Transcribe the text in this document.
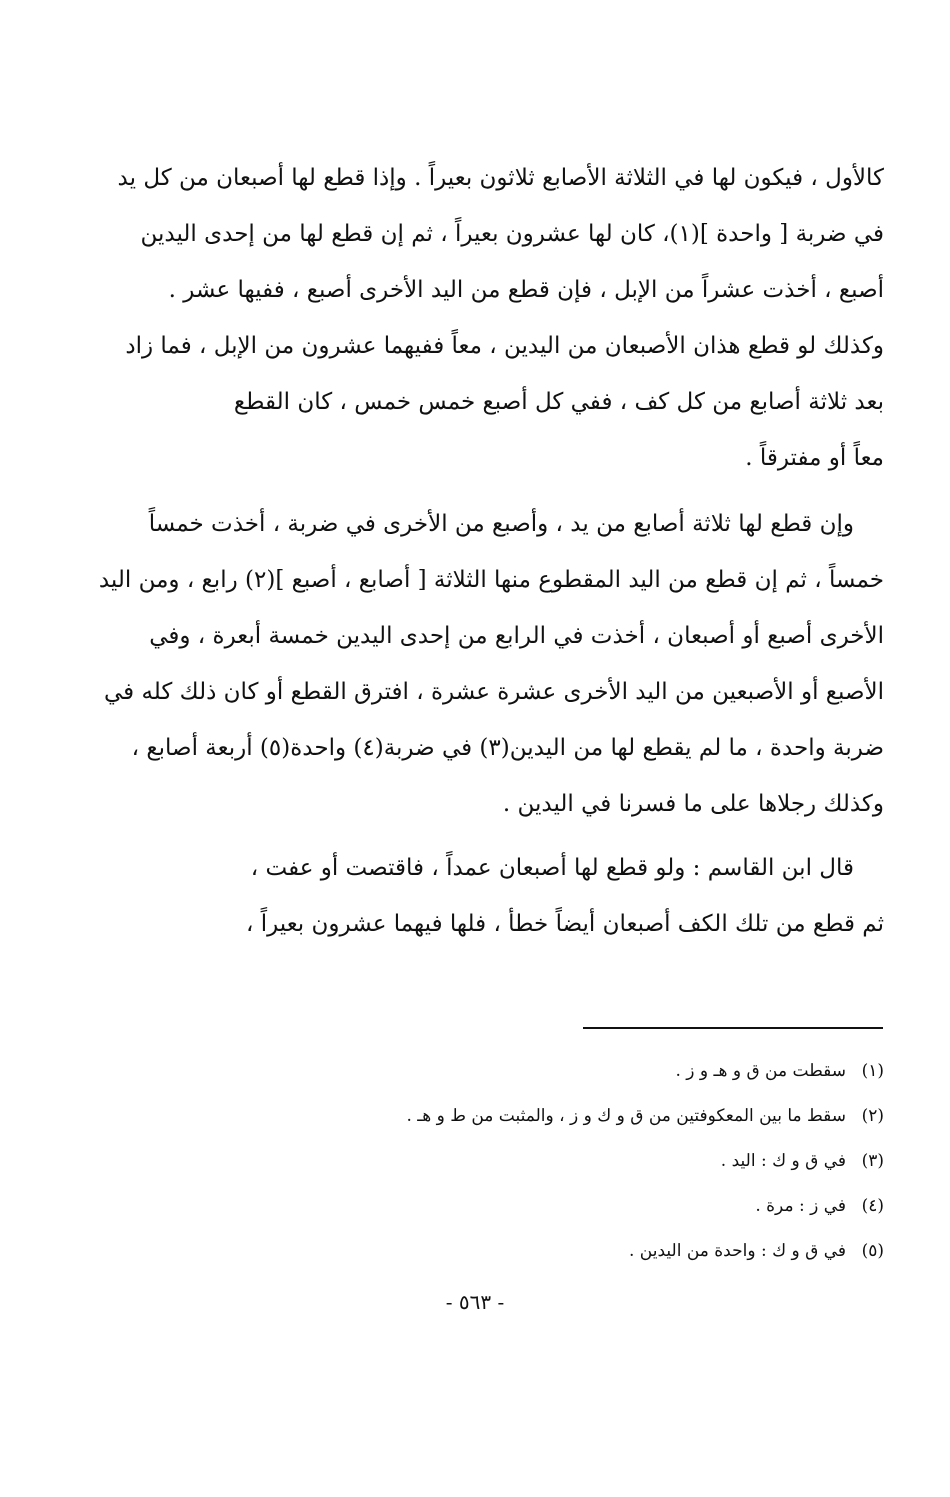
كالأول ، فيكون لها في الثلاثة الأصابع ثلاثون بعيراً . وإذا قطع لها أصبعان من كل يد
في ضربة [ واحدة ](١)، كان لها عشرون بعيراً ، ثم إن قطع لها من إحدى اليدين
أصبع ، أخذت عشراً من الإبل ، فإن قطع من اليد الأخرى أصبع ، ففيها عشر .
وكذلك لو قطع هذان الأصبعان من اليدين ، معاً ففيهما عشرون من الإبل ، فما زاد
بعد ثلاثة أصابع من كل كف ، ففي كل أصبع خمس خمس ، كان القطع
معاً أو مفترقاً .
وإن قطع لها ثلاثة أصابع من يد ، وأصبع من الأخرى في ضربة ، أخذت خمساً
خمساً ، ثم إن قطع من اليد المقطوع منها الثلاثة [ أصابع ، أصبع ](٢) رابع ، ومن اليد
الأخرى أصبع أو أصبعان ، أخذت في الرابع من إحدى اليدين خمسة أبعرة ، وفي
الأصبع أو الأصبعين من اليد الأخرى عشرة عشرة ، افترق القطع أو كان ذلك كله في
ضربة واحدة ، ما لم يقطع لها من اليدين(٣) في ضربة(٤) واحدة(٥) أربعة أصابع ،
وكذلك رجلاها على ما فسرنا في اليدين .
قال ابن القاسم : ولو قطع لها أصبعان عمداً ، فاقتصت أو عفت ،
ثم قطع من تلك الكف أصبعان أيضاً خطأ ، فلها فيهما عشرون بعيراً ،
(١)سقطت من ق و هـ و ز .
(٢)سقط ما بين المعكوفتين من ق و ك و ز ، والمثبت من ط و هـ .
(٣)في ق و ك : اليد .
(٤)في ز : مرة .
(٥)في ق و ك : واحدة من اليدين .
- ٥٦٣ -
